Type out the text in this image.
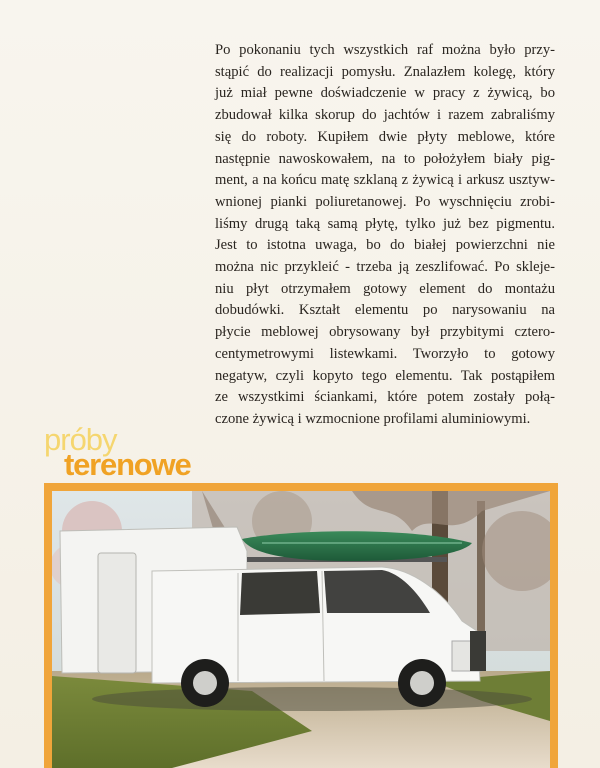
Po pokonaniu tych wszystkich raf można było przy-
stąpić do realizacji pomysłu. Znalazłem kolegę, który
już miał pewne doświadczenie w pracy z żywicą, bo
zbudował kilka skorup do jachtów i razem zabraliśmy
się do roboty. Kupiłem dwie płyty meblowe, które
następnie nawoskowałem, na to położyłem biały pig-
ment, a na końcu matę szklaną z żywicą i arkusz usztyw-
wnionej pianki poliuretanowej. Po wyschnięciu zrobi-
liśmy drugą taką samą płytę, tylko już bez pigmentu.
Jest to istotna uwaga, bo do białej powierzchni nie
można nic przykleić - trzeba ją zeszlifować. Po skleje-
niu płyt otrzymałem gotowy element do montażu
dobudówki. Kształt elementu po narysowaniu na
płycie meblowej obrysowany był przybitymi cztero-
centymetrowymi listewkami. Tworzyło to gotowy
negatyw, czyli kopyto tego elementu. Tak postąpiłem
ze wszystkimi ściankami, które potem zostały połą-
czone żywicą i wzmocnione profilami aluminiowymi.
próby
terenowe
